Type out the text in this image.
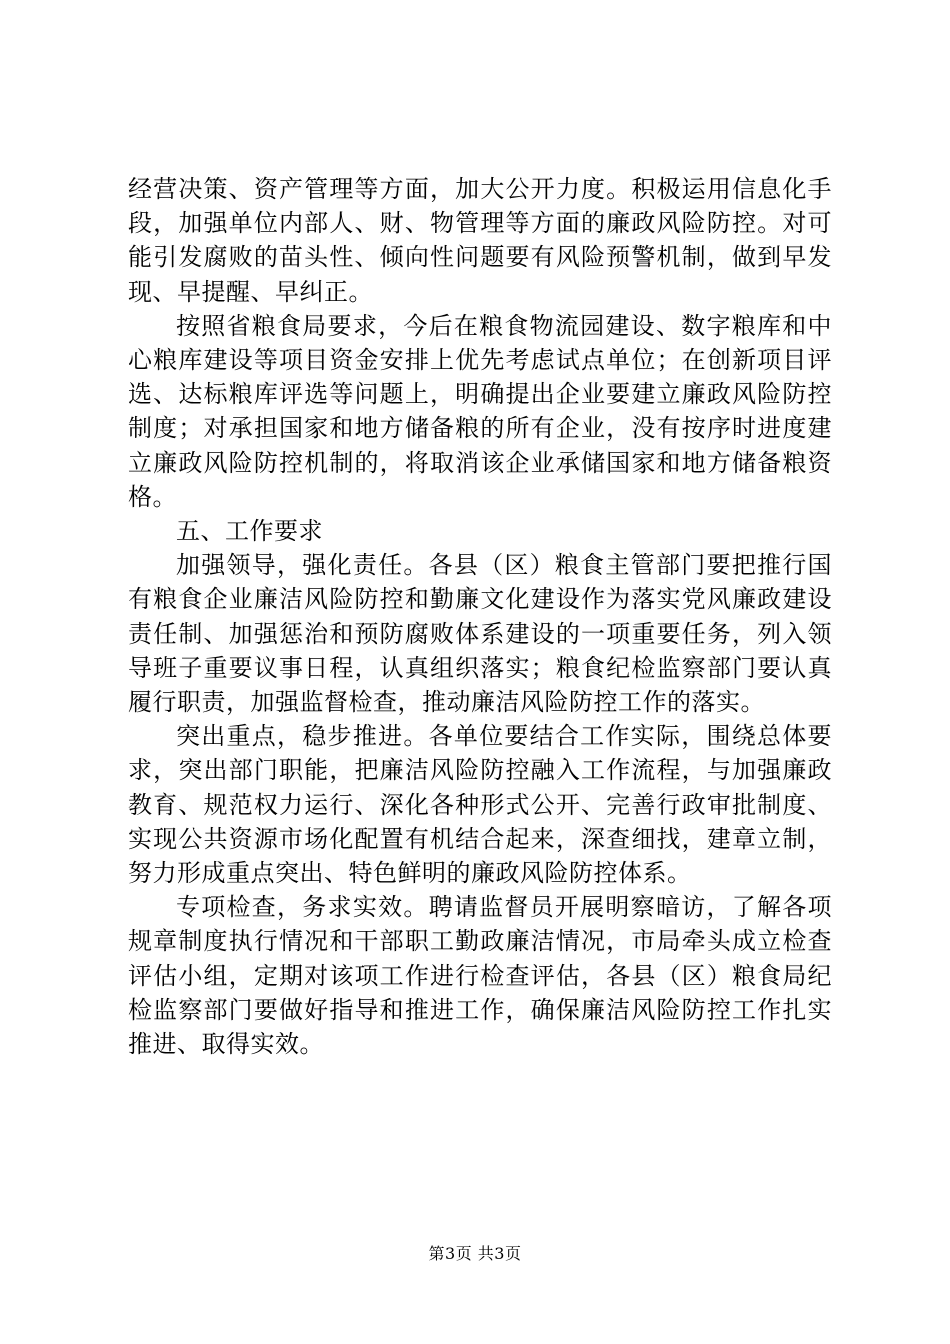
经营决策、资产管理等方面，加大公开力度。积极运用信息化手段，加强单位内部人、财、物管理等方面的廉政风险防控。对可能引发腐败的苗头性、倾向性问题要有风险预警机制，做到早发现、早提醒、早纠正。

按照省粮食局要求，今后在粮食物流园建设、数字粮库和中心粮库建设等项目资金安排上优先考虑试点单位；在创新项目评选、达标粮库评选等问题上，明确提出企业要建立廉政风险防控制度；对承担国家和地方储备粮的所有企业，没有按序时进度建立廉政风险防控机制的，将取消该企业承储国家和地方储备粮资格。

五、工作要求

加强领导，强化责任。各县（区）粮食主管部门要把推行国有粮食企业廉洁风险防控和勤廉文化建设作为落实党风廉政建设责任制、加强惩治和预防腐败体系建设的一项重要任务，列入领导班子重要议事日程，认真组织落实；粮食纪检监察部门要认真履行职责，加强监督检查，推动廉洁风险防控工作的落实。

突出重点，稳步推进。各单位要结合工作实际，围绕总体要求，突出部门职能，把廉洁风险防控融入工作流程，与加强廉政教育、规范权力运行、深化各种形式公开、完善行政审批制度、实现公共资源市场化配置有机结合起来，深查细找，建章立制，努力形成重点突出、特色鲜明的廉政风险防控体系。

专项检查，务求实效。聘请监督员开展明察暗访，了解各项规章制度执行情况和干部职工勤政廉洁情况，市局牵头成立检查评估小组，定期对该项工作进行检查评估，各县（区）粮食局纪检监察部门要做好指导和推进工作，确保廉洁风险防控工作扎实推进、取得实效。

第3页 共3页
